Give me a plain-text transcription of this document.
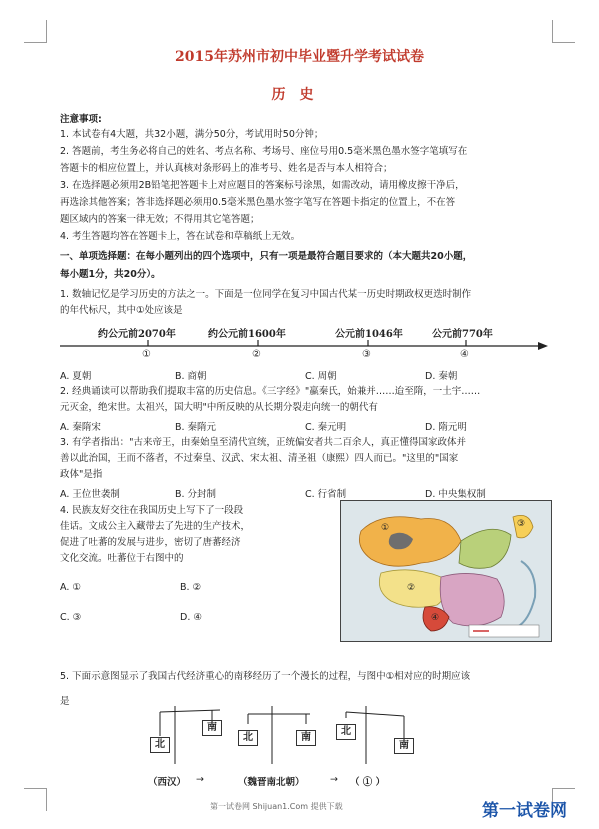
2015年苏州市初中毕业暨升学考试试卷
历史
注意事项:
1. 本试卷有4大题，共32小题，满分50分，考试用时50分钟；
2. 答题前，考生务必将自己的姓名、考点名称、考场号、座位号用0.5毫米黑色墨水签字笔填写在
答题卡的相应位置上，并认真核对条形码上的准考号、姓名是否与本人相符合；
3. 在选择题必须用2B铅笔把答题卡上对应题目的答案标号涂黑，如需改动，请用橡皮擦干净后，
再选涂其他答案；答非选择题必须用0.5毫米黑色墨水签字笔写在答题卡指定的位置上，不在答
题区域内的答案一律无效；不得用其它笔答题；
4. 考生答题均答在答题卡上，答在试卷和草稿纸上无效。
一、单项选择题：在每小题列出的四个选项中，只有一项是最符合题目要求的（本大题共20小题，
每小题1分，共20分）。
1. 数轴记忆是学习历史的方法之一。下面是一位同学在复习中国古代某一历史时期政权更迭时制作
的年代标尺，其中①处应该是
约公元前2070年	约公元前1600年	公元前1046年	公元前770年
①	②	③	④
A. 夏朝	B. 商朝	C. 周朝	D. 秦朝
2. 经典诵读可以帮助我们提取丰富的历史信息。《三字经》"嬴秦氏，始兼并……迨至隋，一土宇……
元灭金，绝宋世。太祖兴，国大明"中所反映的从长期分裂走向统一的朝代有
A. 秦隋宋	B. 秦隋元	C. 秦元明	D. 隋元明
3. 有学者指出："古来帝王，由秦始皇至清代宣统，正统偏安者共二百余人，真正懂得国家政体并
善以此治国，王而不落者，不过秦皇、汉武、宋太祖、清圣祖（康熙）四人而已。"这里的"国家
政体"是指
A. 王位世袭制	B. 分封制	C. 行省制	D. 中央集权制
4. 民族友好交往在我国历史上写下了一段段
佳话。文成公主入藏带去了先进的生产技术，
促进了吐蕃的发展与进步，密切了唐蕃经济
文化交流。吐蕃位于右图中的
A. ①	B. ②
C. ③	D. ④
①
②
③
④
5. 下面示意图显示了我国古代经济重心的南移经历了一个漫长的过程，与图中①相对应的时期应该
是
北
南
北	南
北
南
（西汉） →	（魏晋南北朝）	→ （ ① ）
第一试卷网 Shijuan1.Com 提供下载	第一试卷网
